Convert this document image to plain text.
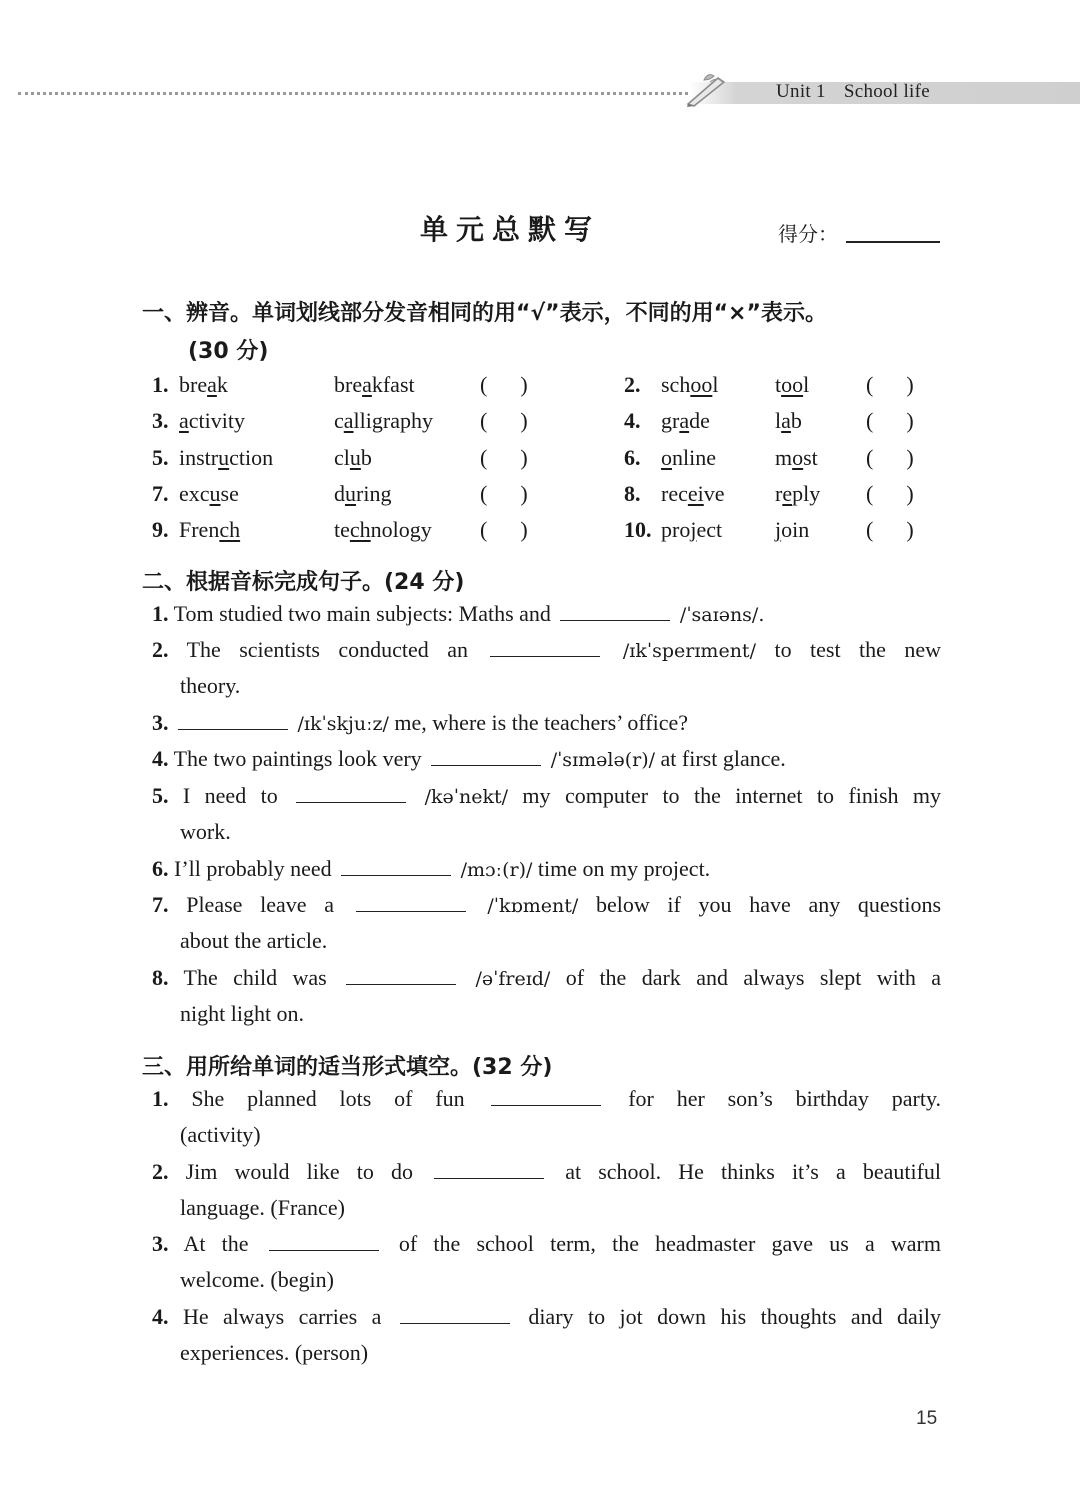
Unit 1 School life
单元总默写	得分：
一、辨音。单词划线部分发音相同的用“√”表示，不同的用“×”表示。
(30 分)
1. break	breakfast	(      )	2. school	tool	(      )
3. activity	calligraphy (      )	4. grade	lab	(      )
5. instruction	club	(      )	6. online	most (      )
7. excuse	during	(      )	8. receive reply (      )
9. French	technology (      )	10. project join	(      )
二、根据音标完成句子。(24 分)
1. Tom studied two main subjects: Maths and	/ˈsaɪəns/.
2. The scientists conducted an	/ɪkˈsperɪment/ to test the new
theory.
3.	/ɪkˈskjuːz/ me, where is the teachers’ office?
4. The two paintings look very	/ˈsɪmələ(r)/ at first glance.
5. I need to	/kəˈnekt/ my computer to the internet to finish my
work.
6. I’ll probably need	/mɔː(r)/ time on my project.
7. Please leave a	/ˈkɒment/ below if you have any questions
about the article.
8. The child was	/əˈfreɪd/ of the dark and always slept with a
night light on.
三、用所给单词的适当形式填空。(32 分)
1. She planned lots of fun	for her son’s birthday party.
(activity)
2. Jim would like to do	at school. He thinks it’s a beautiful
language. (France)
3. At the	of the school term, the headmaster gave us a warm
welcome. (begin)
4. He always carries a	diary to jot down his thoughts and daily
experiences. (person)
15
